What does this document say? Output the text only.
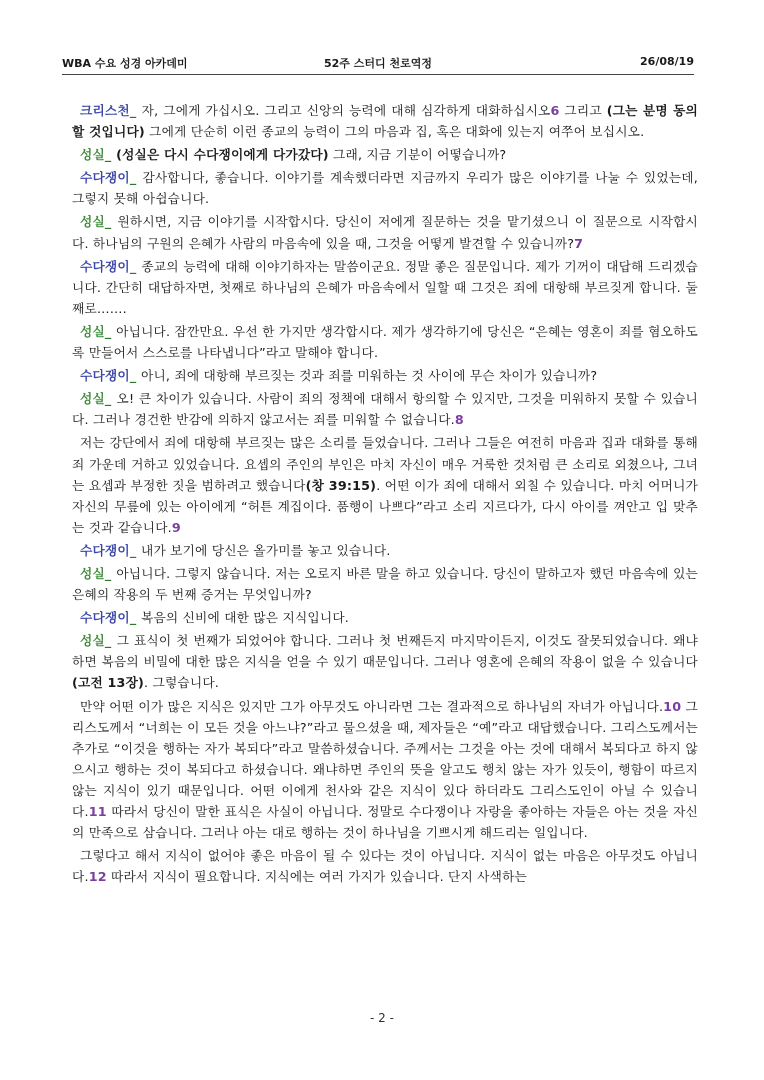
WBA 수요 성경 아카데미	52주 스터디 천로역정	26/08/19

크리스천_ 자, 그에게 가십시오. 그리고 신앙의 능력에 대해 심각하게 대화하십시오6 그리고 (그는 분명 동의할 것입니다) 그에게 단순히 이런 종교의 능력이 그의 마음과 집, 혹은 대화에 있는지 여쭈어 보십시오.

성실_ (성실은 다시 수다쟁이에게 다가갔다) 그래, 지금 기분이 어떻습니까?

수다쟁이_ 감사합니다, 좋습니다. 이야기를 계속했더라면 지금까지 우리가 많은 이야기를 나눌 수 있었는데, 그렇지 못해 아쉽습니다.

성실_ 원하시면, 지금 이야기를 시작합시다. 당신이 저에게 질문하는 것을 맡기셨으니 이 질문으로 시작합시다. 하나님의 구원의 은혜가 사람의 마음속에 있을 때, 그것을 어떻게 발견할 수 있습니까?7

수다쟁이_ 종교의 능력에 대해 이야기하자는 말씀이군요. 정말 좋은 질문입니다. 제가 기꺼이 대답해 드리겠습니다. 간단히 대답하자면, 첫째로 하나님의 은혜가 마음속에서 일할 때 그것은 죄에 대항해 부르짖게 합니다. 둘째로…….

성실_ 아닙니다. 잠깐만요. 우선 한 가지만 생각합시다. 제가 생각하기에 당신은 “은혜는 영혼이 죄를 혐오하도록 만들어서 스스로를 나타냅니다”라고 말해야 합니다.

수다쟁이_ 아니, 죄에 대항해 부르짖는 것과 죄를 미워하는 것 사이에 무슨 차이가 있습니까?

성실_ 오! 큰 차이가 있습니다. 사람이 죄의 정책에 대해서 항의할 수 있지만, 그것을 미워하지 못할 수 있습니다. 그러나 경건한 반감에 의하지 않고서는 죄를 미워할 수 없습니다.8

저는 강단에서 죄에 대항해 부르짖는 많은 소리를 들었습니다. 그러나 그들은 여전히 마음과 집과 대화를 통해 죄 가운데 거하고 있었습니다. 요셉의 주인의 부인은 마치 자신이 매우 거룩한 것처럼 큰 소리로 외쳤으나, 그녀는 요셉과 부정한 짓을 범하려고 했습니다(창 39:15). 어떤 이가 죄에 대해서 외칠 수 있습니다. 마치 어머니가 자신의 무릎에 있는 아이에게 “허튼 계집이다. 품행이 나쁘다”라고 소리 지르다가, 다시 아이를 껴안고 입 맞추는 것과 같습니다.9

수다쟁이_ 내가 보기에 당신은 올가미를 놓고 있습니다.

성실_ 아닙니다. 그렇지 않습니다. 저는 오로지 바른 말을 하고 있습니다. 당신이 말하고자 했던 마음속에 있는 은혜의 작용의 두 번째 증거는 무엇입니까?

수다쟁이_ 복음의 신비에 대한 많은 지식입니다.

성실_ 그 표식이 첫 번째가 되었어야 합니다. 그러나 첫 번째든지 마지막이든지, 이것도 잘못되었습니다. 왜냐하면 복음의 비밀에 대한 많은 지식을 얻을 수 있기 때문입니다. 그러나 영혼에 은혜의 작용이 없을 수 있습니다(고전 13장). 그렇습니다.

만약 어떤 이가 많은 지식은 있지만 그가 아무것도 아니라면 그는 결과적으로 하나님의 자녀가 아닙니다.10 그리스도께서 “너희는 이 모든 것을 아느냐?”라고 물으셨을 때, 제자들은 “예”라고 대답했습니다. 그리스도께서는 추가로 “이것을 행하는 자가 복되다”라고 말씀하셨습니다. 주께서는 그것을 아는 것에 대해서 복되다고 하지 않으시고 행하는 것이 복되다고 하셨습니다. 왜냐하면 주인의 뜻을 알고도 행치 않는 자가 있듯이, 행함이 따르지 않는 지식이 있기 때문입니다. 어떤 이에게 천사와 같은 지식이 있다 하더라도 그리스도인이 아닐 수 있습니다.11 따라서 당신이 말한 표식은 사실이 아닙니다. 정말로 수다쟁이나 자랑을 좋아하는 자들은 아는 것을 자신의 만족으로 삼습니다. 그러나 아는 대로 행하는 것이 하나님을 기쁘시게 해드리는 일입니다.

그렇다고 해서 지식이 없어야 좋은 마음이 될 수 있다는 것이 아닙니다. 지식이 없는 마음은 아무것도 아닙니다.12 따라서 지식이 필요합니다. 지식에는 여러 가지가 있습니다. 단지 사색하는

- 2 -
